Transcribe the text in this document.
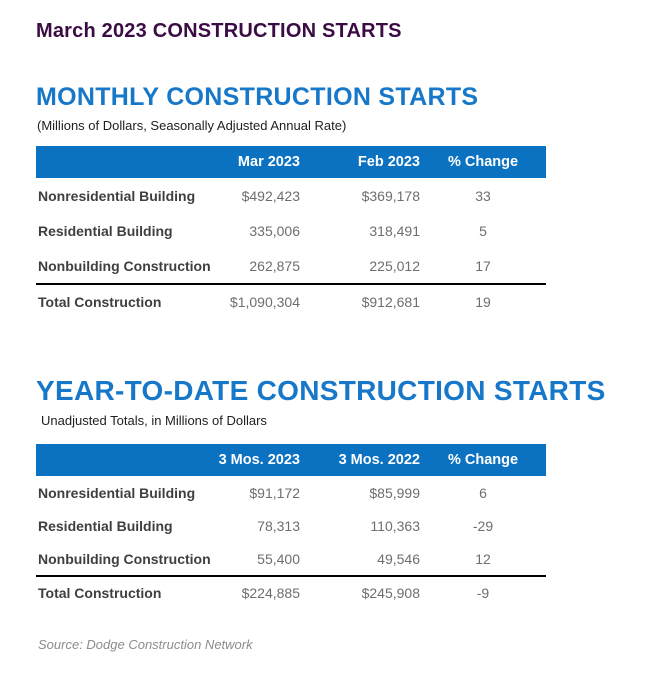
March 2023 CONSTRUCTION STARTS
MONTHLY CONSTRUCTION STARTS
(Millions of Dollars, Seasonally Adjusted Annual Rate)
Mar 2023	Feb 2023	% Change
Nonresidential Building	$492,423	$369,178	33
Residential Building	335,006	318,491	5
Nonbuilding Construction	262,875	225,012	17
Total Construction	$1,090,304	$912,681	19
YEAR-TO-DATE CONSTRUCTION STARTS
Unadjusted Totals, in Millions of Dollars
3 Mos. 2023	3 Mos. 2022	% Change
Nonresidential Building	$91,172	$85,999	6
Residential Building	78,313	110,363	-29
Nonbuilding Construction	55,400	49,546	12
Total Construction	$224,885	$245,908	-9
Source: Dodge Construction Network
